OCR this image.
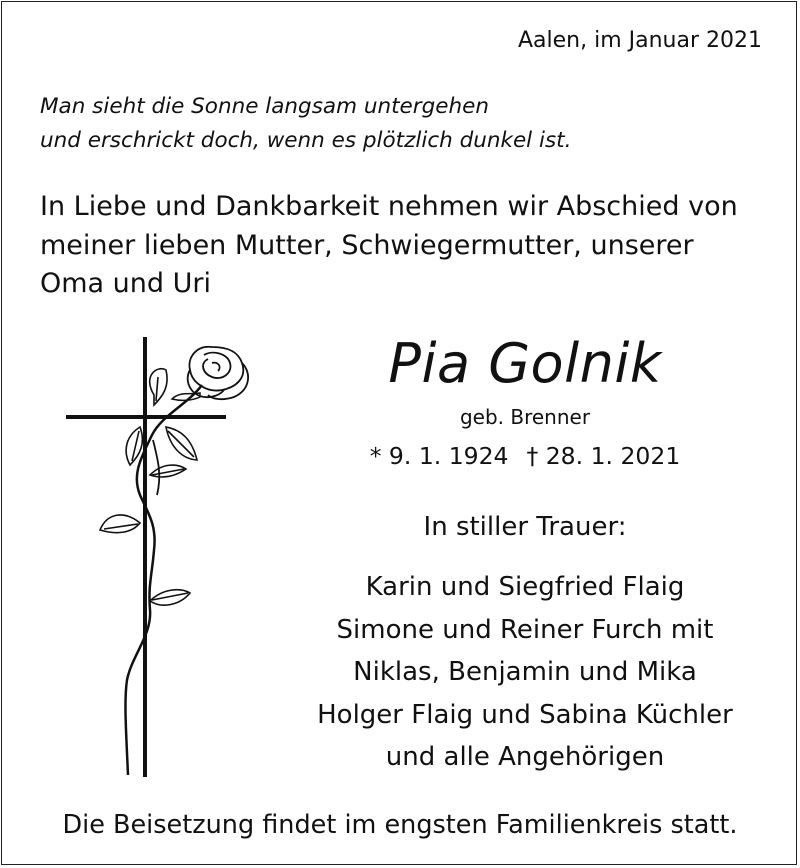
Aalen, im Januar 2021
Man sieht die Sonne langsam untergehen
und erschrickt doch, wenn es plötzlich dunkel ist.
In Liebe und Dankbarkeit nehmen wir Abschied von
meiner lieben Mutter, Schwiegermutter, unserer
Oma und Uri
Pia Golnik
geb. Brenner
* 9. 1. 1924 † 28. 1. 2021
In stiller Trauer:
Karin und Siegfried Flaig
Simone und Reiner Furch mit
Niklas, Benjamin und Mika
Holger Flaig und Sabina Küchler
und alle Angehörigen
Die Beisetzung findet im engsten Familienkreis statt.
